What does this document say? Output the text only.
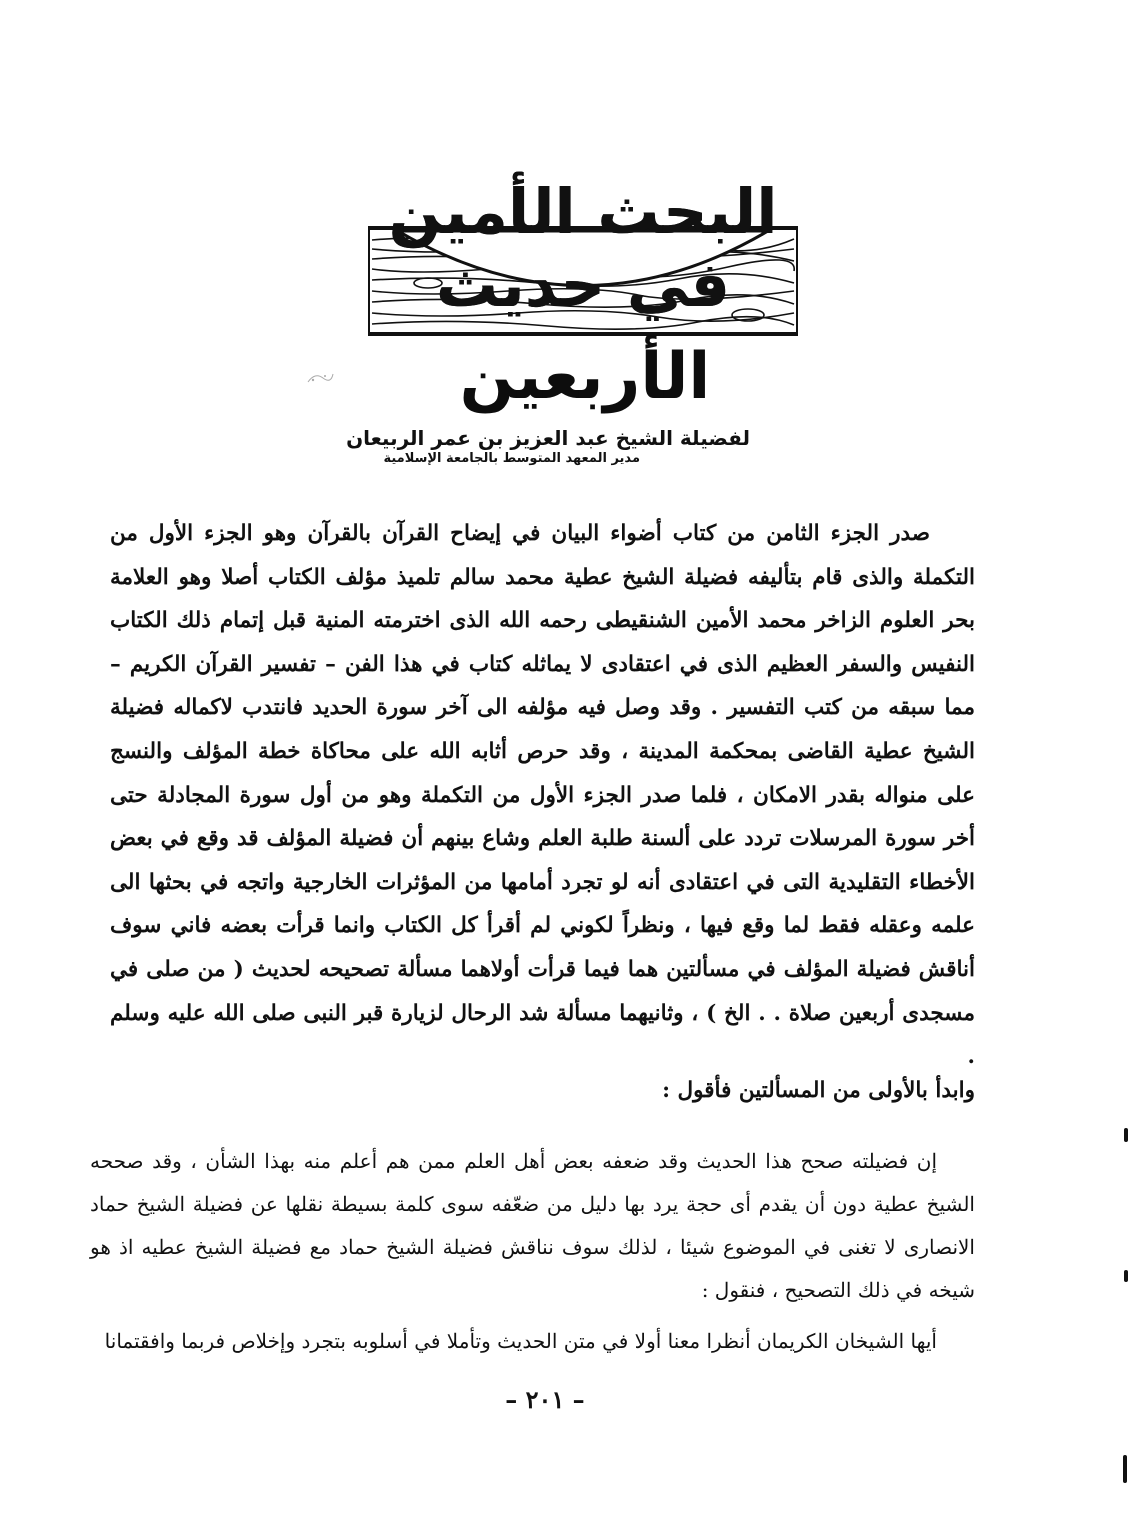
البحث الأمين في حديث
الأربعين
لفضيلة الشيخ عبد العزيز بن عمر الربيعان
مدير المعهد المتوسط بالجامعة الإسلامية

صدر الجزء الثامن من كتاب أضواء البيان في إيضاح القرآن بالقرآن وهو الجزء الأول من التكملة والذى قام بتأليفه فضيلة الشيخ عطية محمد سالم تلميذ مؤلف الكتاب أصلا وهو العلامة بحر العلوم الزاخر محمد الأمين الشنقيطى رحمه الله الذى اخترمته المنية قبل إتمام ذلك الكتاب النفيس والسفر العظيم الذى في اعتقادى لا يماثله كتاب في هذا الفن – تفسير القرآن الكريم – مما سبقه من كتب التفسير . وقد وصل فيه مؤلفه الى آخر سورة الحديد فانتدب لاكماله فضيلة الشيخ عطية القاضى بمحكمة المدينة ، وقد حرص أثابه الله على محاكاة خطة المؤلف والنسج على منواله بقدر الامكان ، فلما صدر الجزء الأول من التكملة وهو من أول سورة المجادلة حتى أخر سورة المرسلات تردد على ألسنة طلبة العلم وشاع بينهم أن فضيلة المؤلف قد وقع في بعض الأخطاء التقليدية التى في اعتقادى أنه لو تجرد أمامها من المؤثرات الخارجية واتجه في بحثها الى علمه وعقله فقط لما وقع فيها ، ونظراً لكوني لم أقرأ كل الكتاب وانما قرأت بعضه فاني سوف أناقش فضيلة المؤلف في مسألتين هما فيما قرأت أولاهما مسألة تصحيحه لحديث ( من صلى في مسجدى أربعين صلاة . . الخ ) ، وثانيهما مسألة شد الرحال لزيارة قبر النبى صلى الله عليه وسلم .

وابدأ بالأولى من المسألتين فأقول :

إن فضيلته صحح هذا الحديث وقد ضعفه بعض أهل العلم ممن هم أعلم منه بهذا الشأن ، وقد صححه الشيخ عطية دون أن يقدم أى حجة يرد بها دليل من ضعّفه سوى كلمة بسيطة نقلها عن فضيلة الشيخ حماد الانصارى لا تغنى في الموضوع شيئا ، لذلك سوف نناقش فضيلة الشيخ حماد مع فضيلة الشيخ عطيه اذ هو شيخه في ذلك التصحيح ، فنقول :

أيها الشيخان الكريمان أنظرا معنا أولا في متن الحديث وتأملا في أسلوبه بتجرد وإخلاص فربما وافقتمانا

– ٢٠١ –
